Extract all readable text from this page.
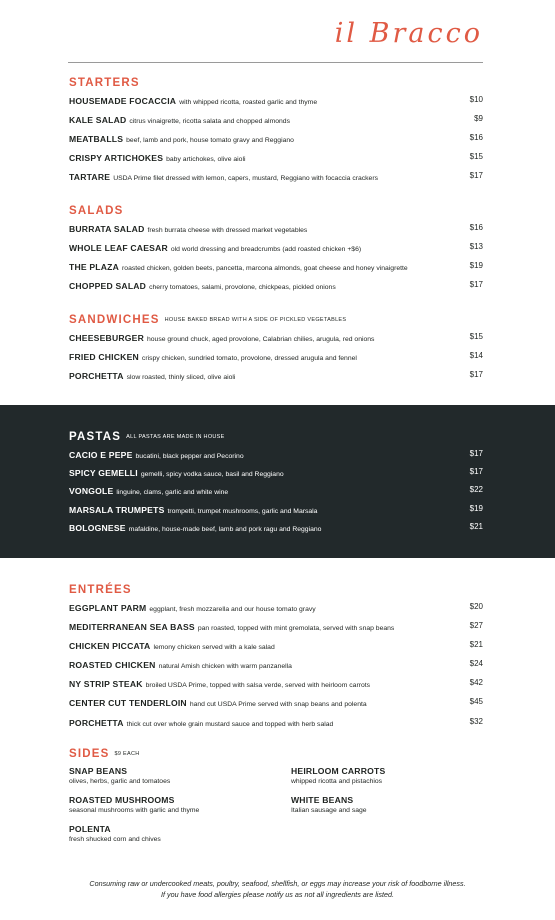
il Bracco
STARTERS
HOUSEMADE FOCACCIA with whipped ricotta, roasted garlic and thyme	$10
KALE SALAD citrus vinaigrette, ricotta salata and chopped almonds	$9
MEATBALLS beef, lamb and pork, house tomato gravy and Reggiano	$16
CRISPY ARTICHOKES baby artichokes, olive aioli	$15
TARTARE USDA Prime filet dressed with lemon, capers, mustard, Reggiano with focaccia crackers	$17
SALADS
BURRATA SALAD fresh burrata cheese with dressed market vegetables	$16
WHOLE LEAF CAESAR old world dressing and breadcrumbs (add roasted chicken +$6)	$13
THE PLAZA roasted chicken, golden beets, pancetta, marcona almonds, goat cheese and honey vinaigrette	$19
CHOPPED SALAD cherry tomatoes, salami, provolone, chickpeas, pickled onions	$17
SANDWICHES HOUSE BAKED BREAD WITH A SIDE OF PICKLED VEGETABLES
CHEESEBURGER house ground chuck, aged provolone, Calabrian chilies, arugula, red onions	$15
FRIED CHICKEN crispy chicken, sundried tomato, provolone, dressed arugula and fennel	$14
PORCHETTA slow roasted, thinly sliced, olive aioli	$17
PASTAS ALL PASTAS ARE MADE IN HOUSE
CACIO E PEPE bucatini, black pepper and Pecorino	$17
SPICY GEMELLI gemelli, spicy vodka sauce, basil and Reggiano	$17
VONGOLE linguine, clams, garlic and white wine	$22
MARSALA TRUMPETS trompetti, trumpet mushrooms, garlic and Marsala	$19
BOLOGNESE mafaldine, house-made beef, lamb and pork ragu and Reggiano	$21
ENTRÉES
EGGPLANT PARM eggplant, fresh mozzarella and our house tomato gravy	$20
MEDITERRANEAN SEA BASS pan roasted, topped with mint gremolata, served with snap beans	$27
CHICKEN PICCATA lemony chicken served with a kale salad	$21
ROASTED CHICKEN natural Amish chicken with warm panzanella	$24
NY STRIP STEAK broiled USDA Prime, topped with salsa verde, served with heirloom carrots	$42
CENTER CUT TENDERLOIN hand cut USDA Prime served with snap beans and polenta	$45
PORCHETTA thick cut over whole grain mustard sauce and topped with herb salad	$32
SIDES $9 EACH
SNAP BEANS
olives, herbs, garlic and tomatoes
HEIRLOOM CARROTS
whipped ricotta and pistachios
ROASTED MUSHROOMS
seasonal mushrooms with garlic and thyme
WHITE BEANS
Italian sausage and sage
POLENTA
fresh shucked corn and chives
Consuming raw or undercooked meats, poultry, seafood, shellfish, or eggs may increase your risk of foodborne illness.
If you have food allergies please notify us as not all ingredients are listed.
